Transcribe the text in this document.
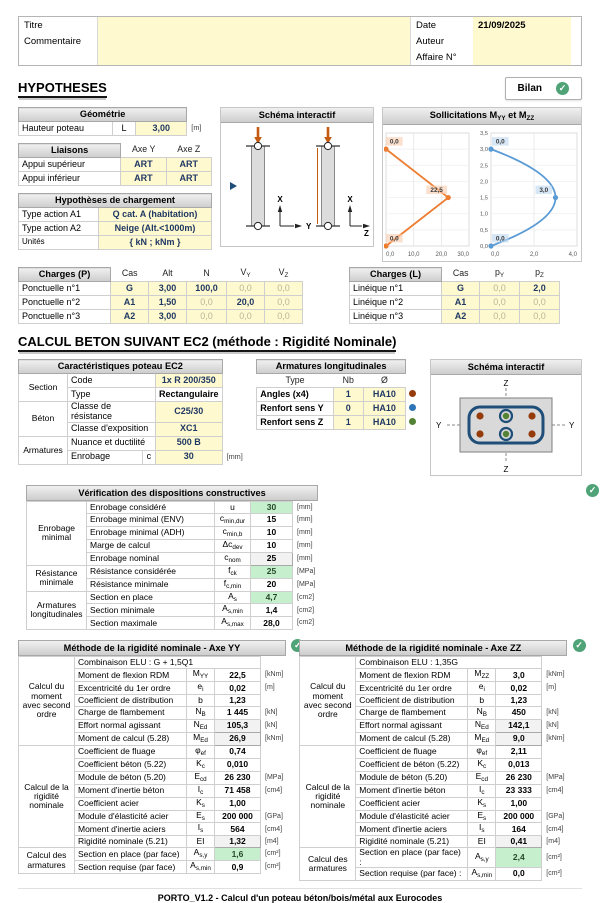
Titre	Date	21/09/2025
Commentaire	Auteur
Affaire N°
HYPOTHESES	Bilan
✓
Géométrie			
Hauteur poteau	L	3,00	[m]
Liaisons	Axe Y	Axe Z
Appui supérieur	ART	ART
Appui inférieur	ART	ART
Hypothèses de chargement	
Type action A1	Q cat. A (habitation)
Type action A2	Neige (Alt.<1000m)
Unités	{ kN ; kNm }
Schéma interactif
X
Y
X
Z
Sollicitations $M_{YY}$ et $M_{ZZ}$
0,0 10,0	20,0 30,0
0,0
22,5
0,0
0,0	2,0	4,0
3,5
3,0
2,5
2,0
1,5
1,0
0,5
0,0
0,0
3,0
0,0
Charges (P)	Cas	Alt	N	$V_Y$	$V_Z$
Ponctuelle n°1	G	3,00	100,0	0,0	0,0
Ponctuelle n°2	A1	1,50	0,0	20,0	0,0
Ponctuelle n°3	A2	3,00	0,0	0,0	0,0
Charges (L)	Cas	$p_Y$	$p_Z$
Linéique n°1	G	0,0	2,0
Linéique n°2	A1	0,0	0,0
Linéique n°3	A2	0,0	0,0
CALCUL BETON SUIVANT EC2 (méthode : Rigidité Nominale)
Caractéristiques poteau EC2				
Section	Code		1x R 200/350	
	Type		Rectangulaire	
Béton	Classe de résistance		C25/30	
	Classe d'exposition		XC1	
Armatures	Nuance et ductilité		500 B	
	Enrobage	c	30	[mm]
Armatures longitudinales			
Type	Nb	Ø	
Angles (x4)	1	HA10	
Renfort sens Y	0	HA10	
Renfort sens Z	1	HA10	
Schéma interactif
Z
Z
Y	Y
Vérification des dispositions constructives
✓
Enrobage minimal	Enrobage considéré	u	30	[mm]
	Enrobage minimal (ENV)	$c_{min,dur}$	15	[mm]
	Enrobage minimal (ADH)	$c_{min,b}$	10	[mm]
	Marge de calcul	$\Delta c_{dev}$	10	[mm]
	Enrobage nominal	$c_{nom}$	25	[mm]
Résistance minimale	Résistance considérée	$f_{ck}$	25	[MPa]
	Résistance minimale	$f_{c,min}$	20	[MPa]
Armatures longitudinales	Section en place	$A_s$	4,7	[cm2]
	Section minimale	$A_{s,min}$	1,4	[cm2]
	Section maximale	$A_{s,max}$	28,0	[cm2]
Méthode de la rigidité nominale - Axe YY
✓
Calcul du moment avec second ordre	Combinaison ELU : G + 1,5Q1			
	Moment de flexion RDM	$M_{YY}$	22,5	[kNm]
	Excentricité du 1er ordre	$e_i$	0,02	[m]
	Coefficient de distribution	b	1,23	
	Charge de flambement	$N_B$	1 445	[kN]
	Effort normal agissant	$N_{Ed}$	105,3	[kN]
	Moment de calcul (5.28)	$M_{Ed}$	26,9	[kNm]
Calcul de la rigidité nominale	Coefficient de fluage	$\varphi_{ef}$	0,74	
	Coefficient béton (5.22)	$K_c$	0,010	
	Module de béton (5.20)	$E_{cd}$	26 230	[MPa]
	Moment d'inertie béton	$I_c$	71 458	[cm4]
	Coefficient acier	$K_s$	1,00	
	Module d'élasticité acier	$E_s$	200 000	[GPa]
	Moment d'inertie aciers	$I_s$	564	[cm4]
	Rigidité nominale (5.21)	EI	1,32	[m4]
Calcul des armatures	Section en place (par face)	$A_{s,y}$	1,6	[cm²]
	Section requise (par face)	$A_{s,min}$	0,9	[cm²]
Méthode de la rigidité nominale - Axe ZZ
✓
Calcul du moment avec second ordre	Combinaison ELU : 1,35G			
	Moment de flexion RDM	$M_{ZZ}$	3,0	[kNm]
	Excentricité du 1er ordre	$e_i$	0,02	[m]
	Coefficient de distribution	b	1,23	
	Charge de flambement	$N_B$	450	[kN]
	Effort normal agissant	$N_{Ed}$	142,1	[kN]
	Moment de calcul (5.28)	$M_{Ed}$	9,0	[kNm]
Calcul de la rigidité nominale	Coefficient de fluage	$\varphi_{ef}$	2,11	
	Coefficient de béton (5.22)	$K_c$	0,013	
	Module de béton (5.20)	$E_{cd}$	26 230	[MPa]
	Moment d'inertie béton	$I_c$	23 333	[cm4]
	Coefficient acier	$K_s$	1,00	
	Module d'élasticité acier	$E_s$	200 000	[GPa]
	Moment d'inertie aciers	$I_s$	164	[cm4]
	Rigidité nominale (5.21)	EI	0,41	[m4]
Calcul des armatures	Section en place (par face) :	$A_{s,y}$	2,4	[cm²]
	Section requise (par face) :	$A_{s,min}$	0,0	[cm²]
PORTO_V1.2 - Calcul d'un poteau béton/bois/métal aux Eurocodes
